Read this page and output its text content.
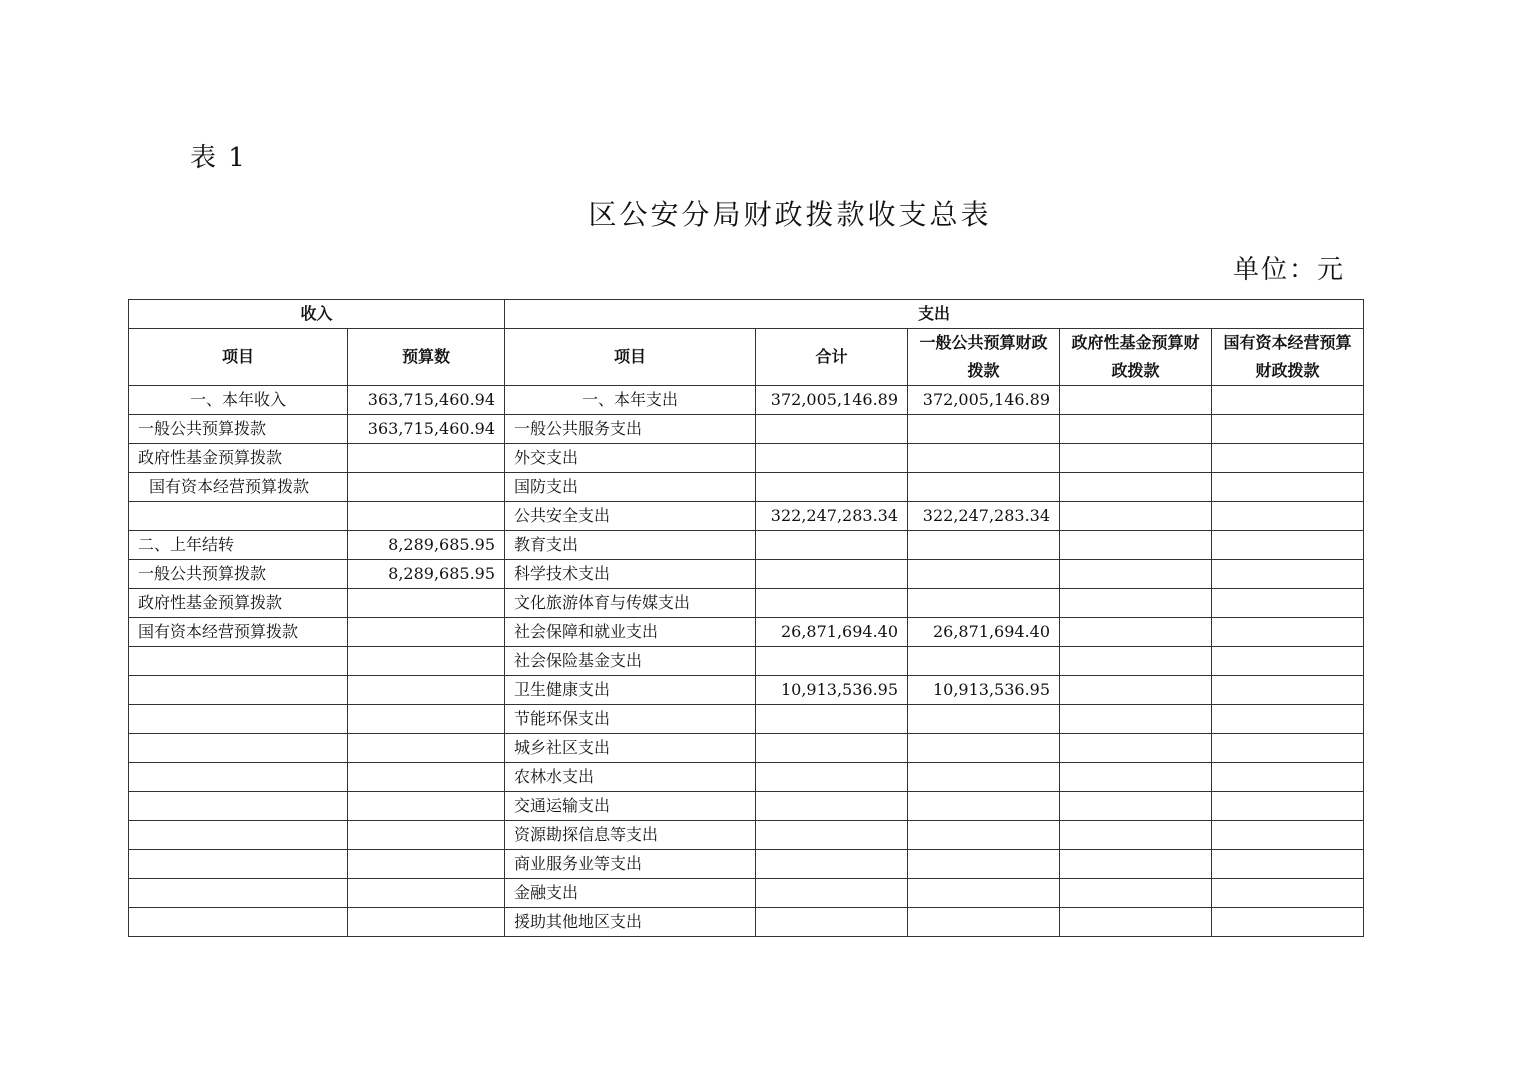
表 1
区公安分局财政拨款收支总表
单位：元
收入		支出				
项目	预算数	项目	合计	一般公共预算财政拨款	政府性基金预算财政拨款	国有资本经营预算财政拨款
一、本年收入	363,715,460.94	一、本年支出	372,005,146.89	372,005,146.89		
一般公共预算拨款	363,715,460.94	一般公共服务支出				
政府性基金预算拨款		外交支出				
国有资本经营预算拨款		国防支出				
		公共安全支出	322,247,283.34	322,247,283.34		
二、上年结转	8,289,685.95	教育支出				
一般公共预算拨款	8,289,685.95	科学技术支出				
政府性基金预算拨款		文化旅游体育与传媒支出				
国有资本经营预算拨款		社会保障和就业支出	26,871,694.40	26,871,694.40		
		社会保险基金支出				
		卫生健康支出	10,913,536.95	10,913,536.95		
		节能环保支出				
		城乡社区支出				
		农林水支出				
		交通运输支出				
		资源勘探信息等支出				
		商业服务业等支出				
		金融支出				
		援助其他地区支出				
